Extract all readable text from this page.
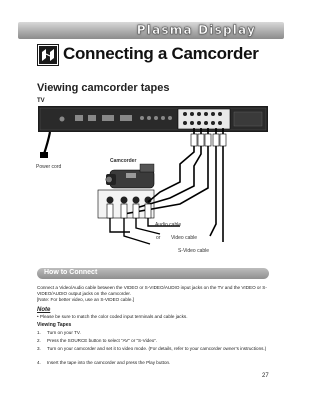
Plasma Display
Connecting a Camcorder
Viewing camcorder tapes
TV
Power cord
Camcorder
Audio cable
or Video cable
S-Video cable
How to Connect
Connect a Video/Audio cable between the VIDEO or S-VIDEO/AUDIO input jacks on the TV and the VIDEO or S-VIDEO/AUDIO output jacks on the camcorder.
[Note: For better video, use an S-VIDEO cable.]
Note
• Please be sure to match the color coded input terminals and cable jacks.
Viewing Tapes
1. Turn on your TV.
2. Press the SOURCE button to select “AV” or “S-Video”.
3. Turn on your camcorder and set it to video mode. (For details, refer to your camcorder owner’s instructions.)
4. Insert the tape into the camcorder and press the Play button.
27
